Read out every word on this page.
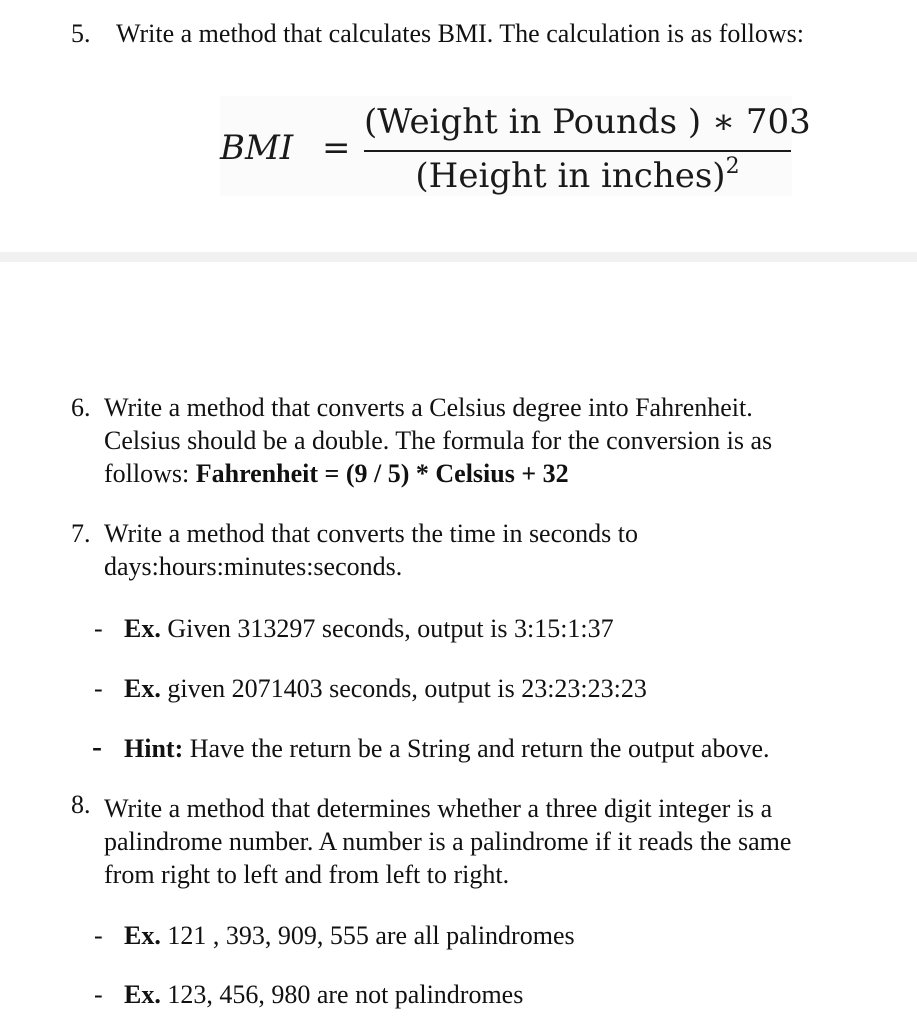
5. Write a method that calculates BMI. The calculation is as follows:
BMI =
(Weight in Pounds ) ∗ 703
(Height in inches)$^2$
6. Write a method that converts a Celsius degree into Fahrenheit.
Celsius should be a double. The formula for the conversion is as
follows: Fahrenheit = (9 / 5) * Celsius + 32
7. Write a method that converts the time in seconds to
days:hours:minutes:seconds.
- Ex. Given 313297 seconds, output is 3:15:1:37
- Ex. given 2071403 seconds, output is 23:23:23:23
- Hint: Have the return be a String and return the output above.
8. Write a method that determines whether a three digit integer is a
palindrome number. A number is a palindrome if it reads the same
from right to left and from left to right.
- Ex. 121 , 393, 909, 555 are all palindromes
- Ex. 123, 456, 980 are not palindromes
